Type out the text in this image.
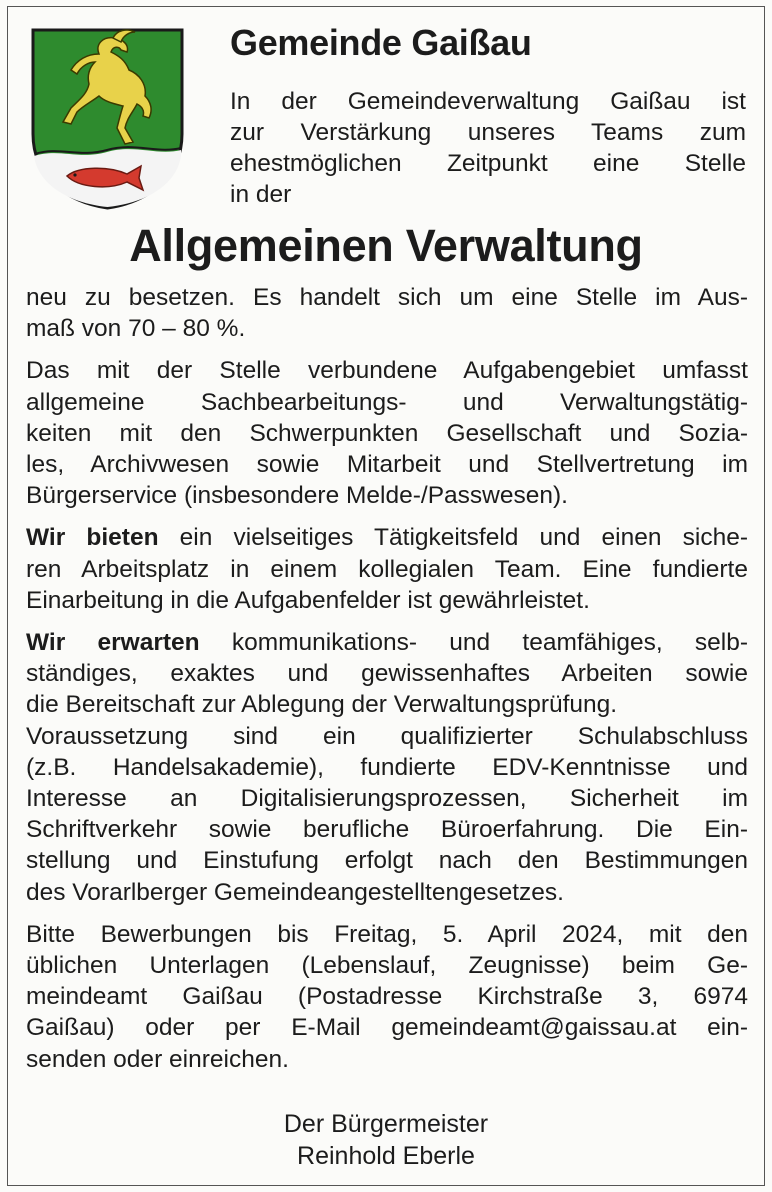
Gemeinde Gaißau
In der Gemeindeverwaltung Gaißau ist
zur Verstärkung unseres Teams zum
ehestmöglichen Zeitpunkt eine Stelle
in der
Allgemeinen Verwaltung

neu zu besetzen. Es handelt sich um eine Stelle im Aus-
maß von 70 – 80 %.

Das mit der Stelle verbundene Aufgabengebiet umfasst
allgemeine Sachbearbeitungs- und Verwaltungstätig-
keiten mit den Schwerpunkten Gesellschaft und Sozia-
les, Archivwesen sowie Mitarbeit und Stellvertretung im
Bürgerservice (insbesondere Melde-/Passwesen).

Wir bieten ein vielseitiges Tätigkeitsfeld und einen siche-
ren Arbeitsplatz in einem kollegialen Team. Eine fundierte
Einarbeitung in die Aufgabenfelder ist gewährleistet.

Wir erwarten kommunikations- und teamfähiges, selb-
ständiges, exaktes und gewissenhaftes Arbeiten sowie
die Bereitschaft zur Ablegung der Verwaltungsprüfung.
Voraussetzung sind ein qualifizierter Schulabschluss
(z.B. Handelsakademie), fundierte EDV-Kenntnisse und
Interesse an Digitalisierungsprozessen, Sicherheit im
Schriftverkehr sowie berufliche Büroerfahrung. Die Ein-
stellung und Einstufung erfolgt nach den Bestimmungen
des Vorarlberger Gemeindeangestelltengesetzes.

Bitte Bewerbungen bis Freitag, 5. April 2024, mit den
üblichen Unterlagen (Lebenslauf, Zeugnisse) beim Ge-
meindeamt Gaißau (Postadresse Kirchstraße 3, 6974
Gaißau) oder per E-Mail gemeindeamt@gaissau.at ein-
senden oder einreichen.

Der Bürgermeister
Reinhold Eberle
